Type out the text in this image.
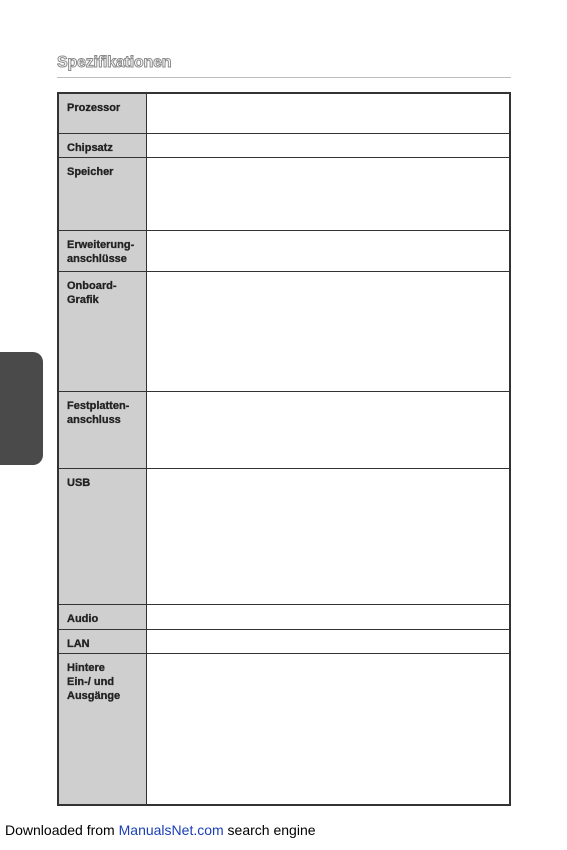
Spezifikationen
Prozessor	
Chipsatz	
Speicher	
Erweiterung-
anschlüsse	
Onboard-
Grafik	
Festplatten-
anschluss	
USB	
Audio	
LAN	
Hintere
Ein-/ und
Ausgänge	
Downloaded from ManualsNet.com search engine
